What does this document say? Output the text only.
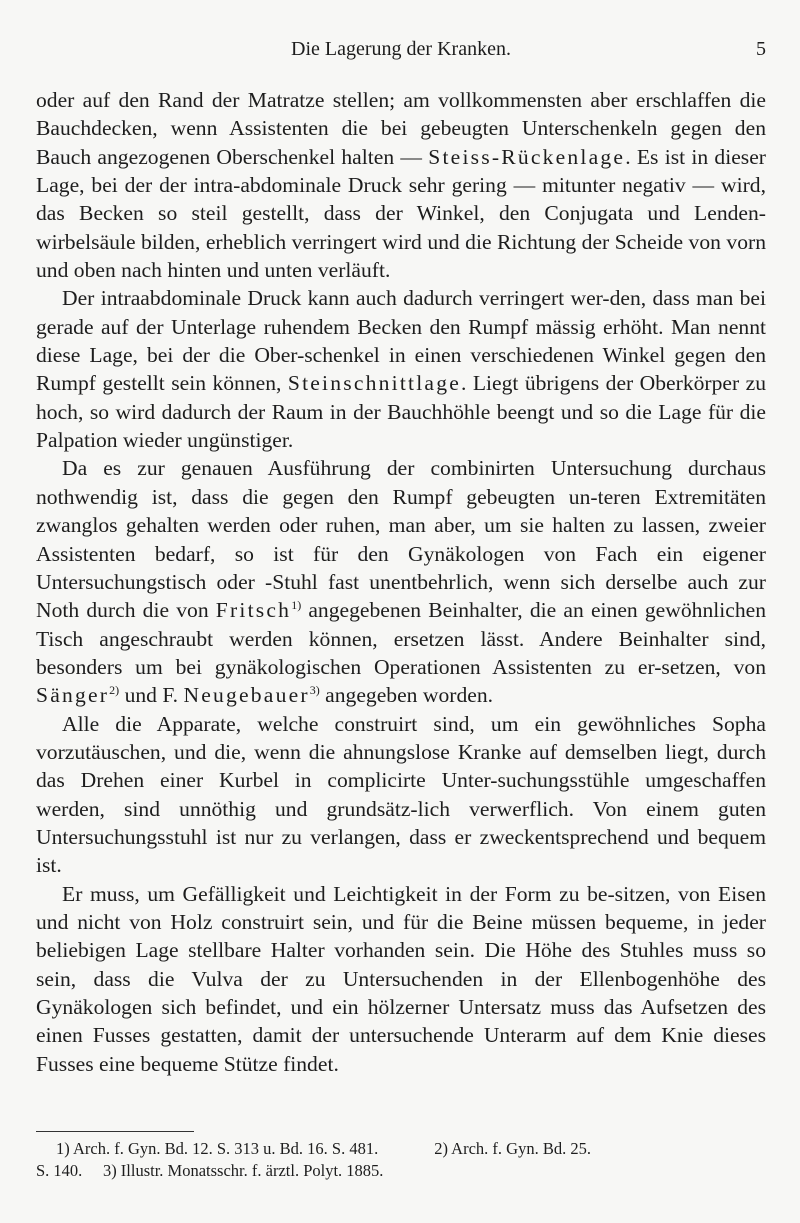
Die Lagerung der Kranken.	5

oder auf den Rand der Matratze stellen; am vollkommensten aber erschlaffen die Bauchdecken, wenn Assistenten die bei gebeugten Unterschenkeln gegen den Bauch angezogenen Oberschenkel halten — Steiss-Rückenlage. Es ist in dieser Lage, bei der der intra-abdominale Druck sehr gering — mitunter negativ — wird, das Becken so steil gestellt, dass der Winkel, den Conjugata und Lenden-wirbelsäule bilden, erheblich verringert wird und die Richtung der Scheide von vorn und oben nach hinten und unten verläuft.

Der intraabdominale Druck kann auch dadurch verringert wer-den, dass man bei gerade auf der Unterlage ruhendem Becken den Rumpf mässig erhöht. Man nennt diese Lage, bei der die Ober-schenkel in einen verschiedenen Winkel gegen den Rumpf gestellt sein können, Steinschnittlage. Liegt übrigens der Oberkörper zu hoch, so wird dadurch der Raum in der Bauchhöhle beengt und so die Lage für die Palpation wieder ungünstiger.

Da es zur genauen Ausführung der combinirten Untersuchung durchaus nothwendig ist, dass die gegen den Rumpf gebeugten un-teren Extremitäten zwanglos gehalten werden oder ruhen, man aber, um sie halten zu lassen, zweier Assistenten bedarf, so ist für den Gynäkologen von Fach ein eigener Untersuchungstisch oder -Stuhl fast unentbehrlich, wenn sich derselbe auch zur Noth durch die von Fritsch$^{1)}$ angegebenen Beinhalter, die an einen gewöhnlichen Tisch angeschraubt werden können, ersetzen lässt. Andere Beinhalter sind, besonders um bei gynäkologischen Operationen Assistenten zu er-setzen, von Sänger$^{2)}$ und F. Neugebauer$^{3)}$ angegeben worden.

Alle die Apparate, welche construirt sind, um ein gewöhnliches Sopha vorzutäuschen, und die, wenn die ahnungslose Kranke auf demselben liegt, durch das Drehen einer Kurbel in complicirte Unter-suchungsstühle umgeschaffen werden, sind unnöthig und grundsätz-lich verwerflich. Von einem guten Untersuchungsstuhl ist nur zu verlangen, dass er zweckentsprechend und bequem ist.

Er muss, um Gefälligkeit und Leichtigkeit in der Form zu be-sitzen, von Eisen und nicht von Holz construirt sein, und für die Beine müssen bequeme, in jeder beliebigen Lage stellbare Halter vorhanden sein. Die Höhe des Stuhles muss so sein, dass die Vulva der zu Untersuchenden in der Ellenbogenhöhe des Gynäkologen sich befindet, und ein hölzerner Untersatz muss das Aufsetzen des einen Fusses gestatten, damit der untersuchende Unterarm auf dem Knie dieses Fusses eine bequeme Stütze findet.

1) Arch. f. Gyn. Bd. 12. S. 313 u. Bd. 16. S. 481.	2) Arch. f. Gyn. Bd. 25.
S. 140. 3) Illustr. Monatsschr. f. ärztl. Polyt. 1885.
